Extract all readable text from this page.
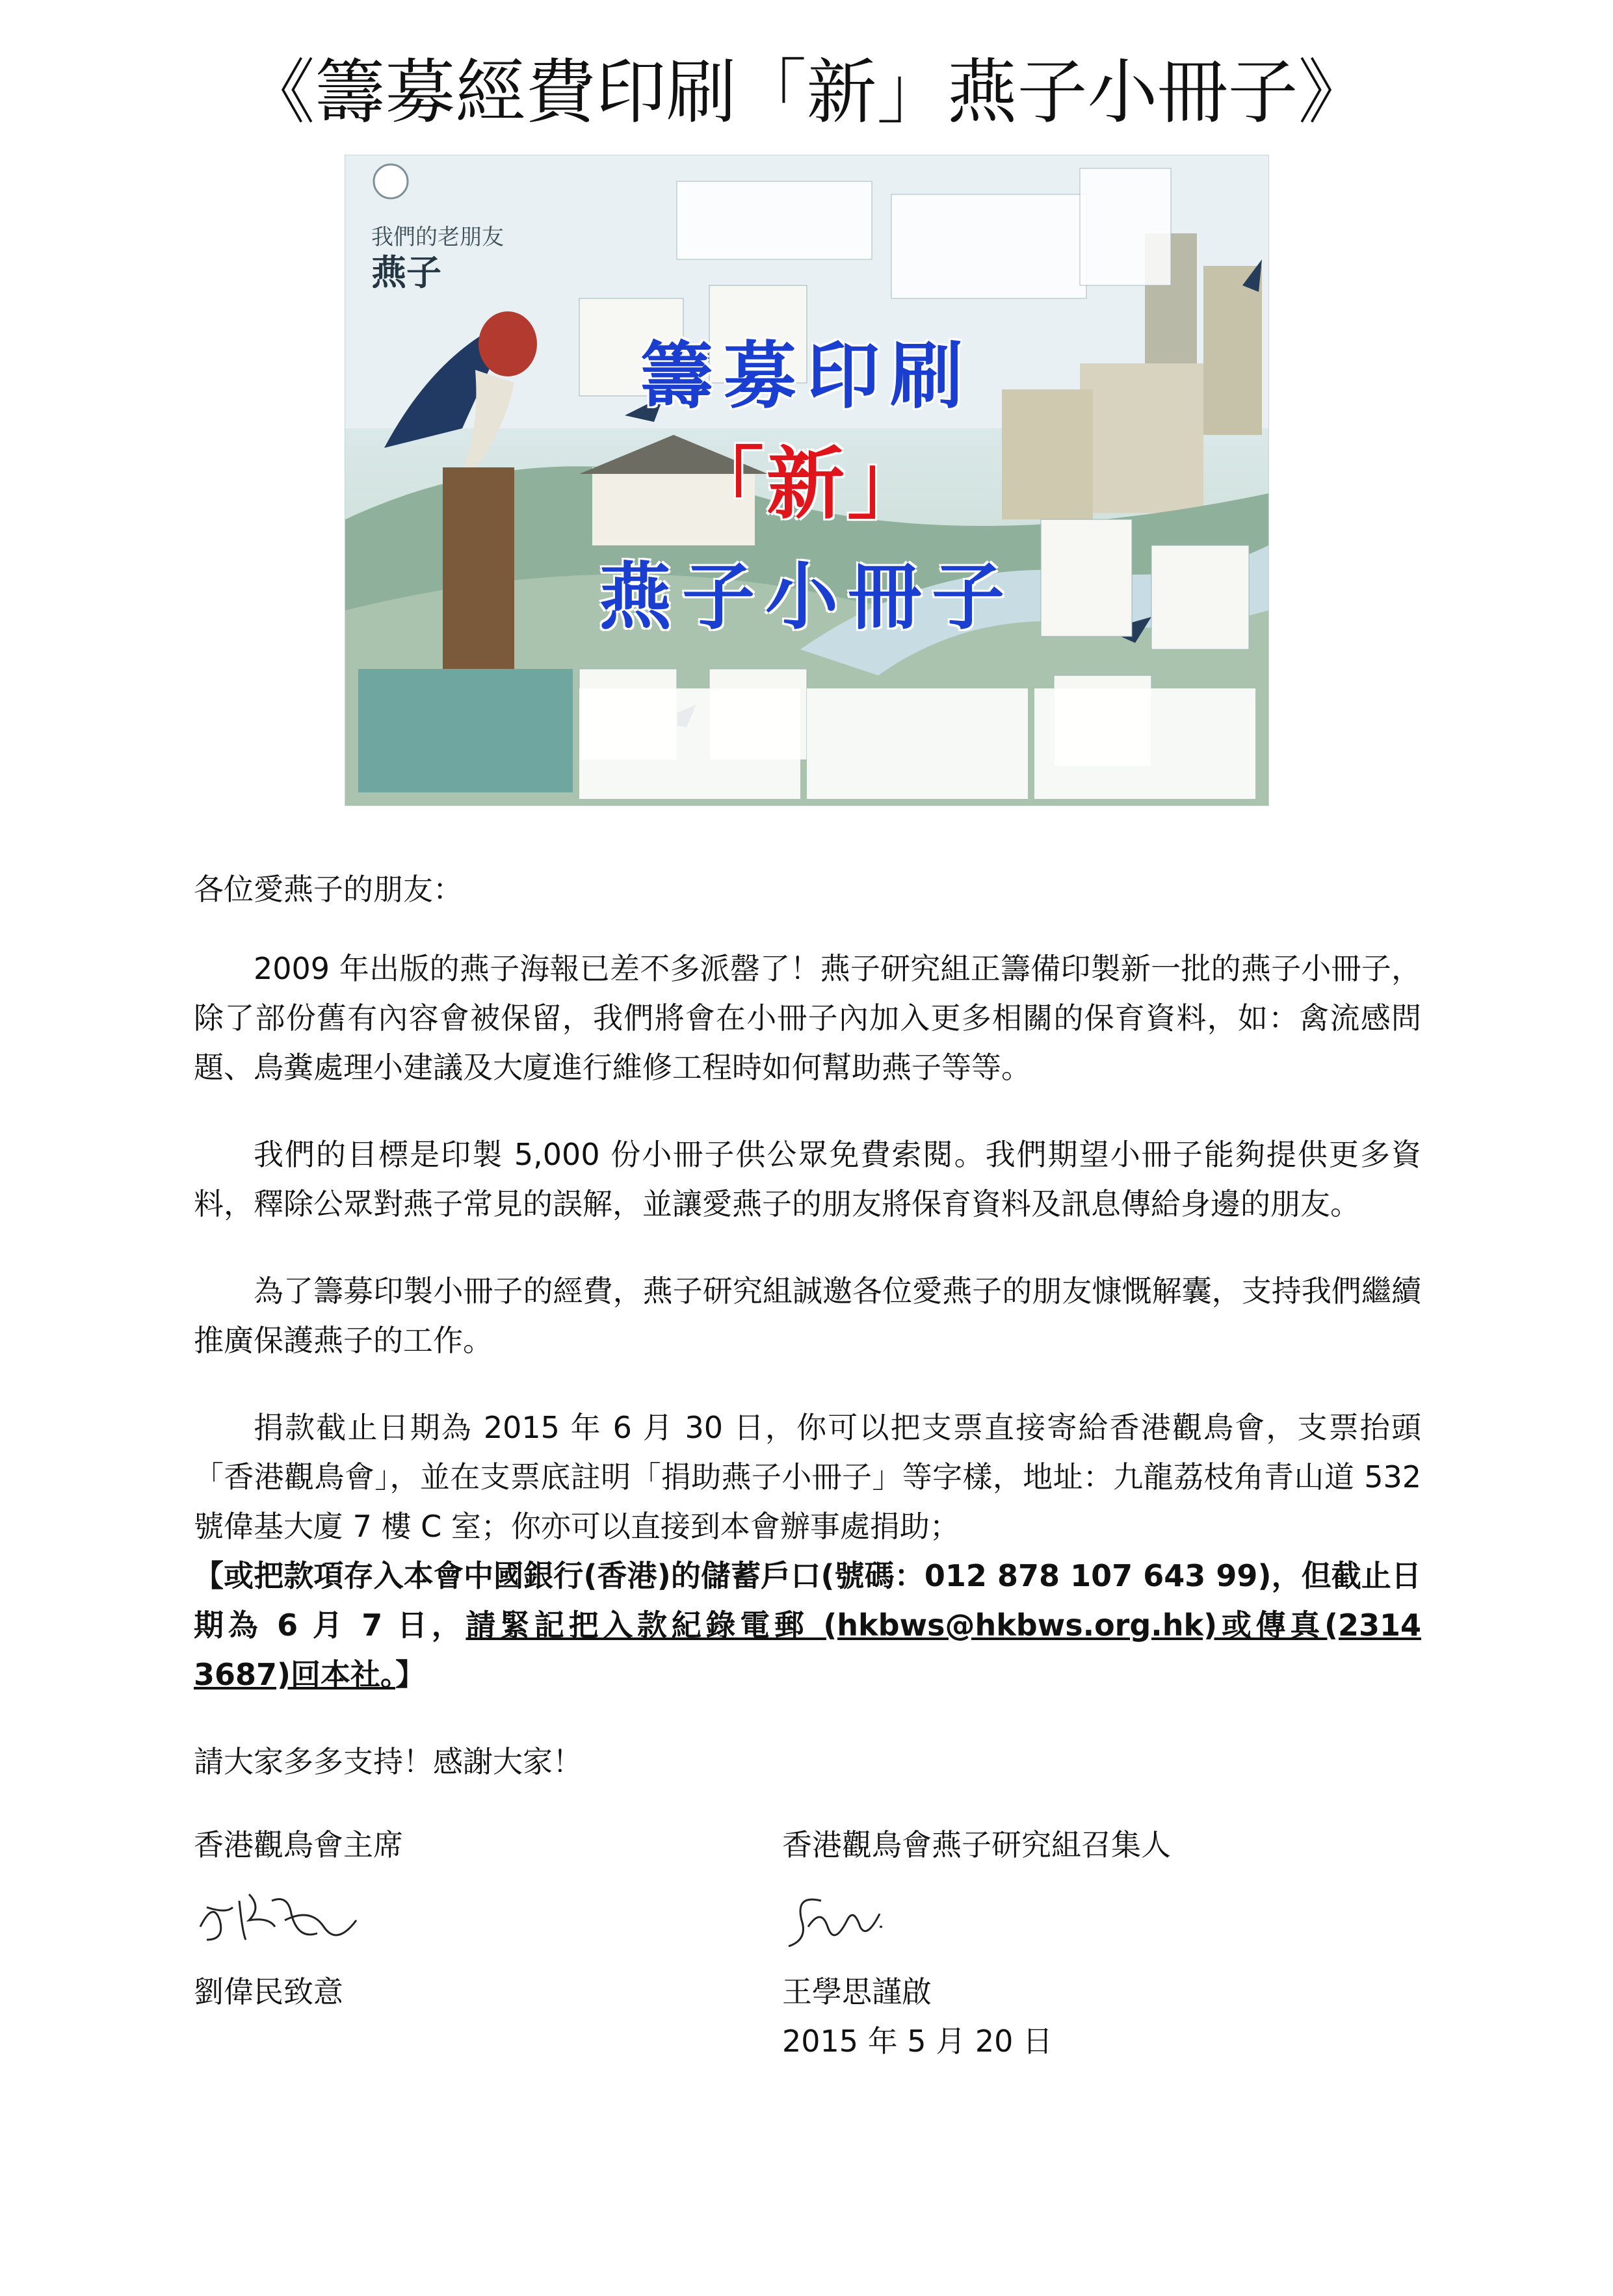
《籌募經費印刷「新」燕子小冊子》
我們的老朋友
燕子
籌募印刷
「新」
燕子小冊子

各位愛燕子的朋友：

2009 年出版的燕子海報已差不多派罄了！燕子研究組正籌備印製新一批的燕子小冊子，除了部份舊有內容會被保留，我們將會在小冊子內加入更多相關的保育資料，如：禽流感問題、鳥糞處理小建議及大廈進行維修工程時如何幫助燕子等等。

我們的目標是印製 5,000 份小冊子供公眾免費索閱。我們期望小冊子能夠提供更多資料，釋除公眾對燕子常見的誤解，並讓愛燕子的朋友將保育資料及訊息傳給身邊的朋友。

為了籌募印製小冊子的經費，燕子研究組誠邀各位愛燕子的朋友慷慨解囊，支持我們繼續推廣保護燕子的工作。

捐款截止日期為 2015 年 6 月 30 日，你可以把支票直接寄給香港觀鳥會，支票抬頭「香港觀鳥會」，並在支票底註明「捐助燕子小冊子」等字樣，地址：九龍荔枝角青山道 532 號偉基大廈 7 樓 C 室；你亦可以直接到本會辦事處捐助；

【或把款項存入本會中國銀行(香港)的儲蓄戶口(號碼：012 878 107 643 99)，但截止日期為 6 月 7 日，請緊記把入款紀錄電郵 (hkbws@hkbws.org.hk)或傳真(2314 3687)回本社。】

請大家多多支持！感謝大家！

香港觀鳥會主席
劉偉民致意
香港觀鳥會燕子研究組召集人
王學思謹啟
2015 年 5 月 20 日
